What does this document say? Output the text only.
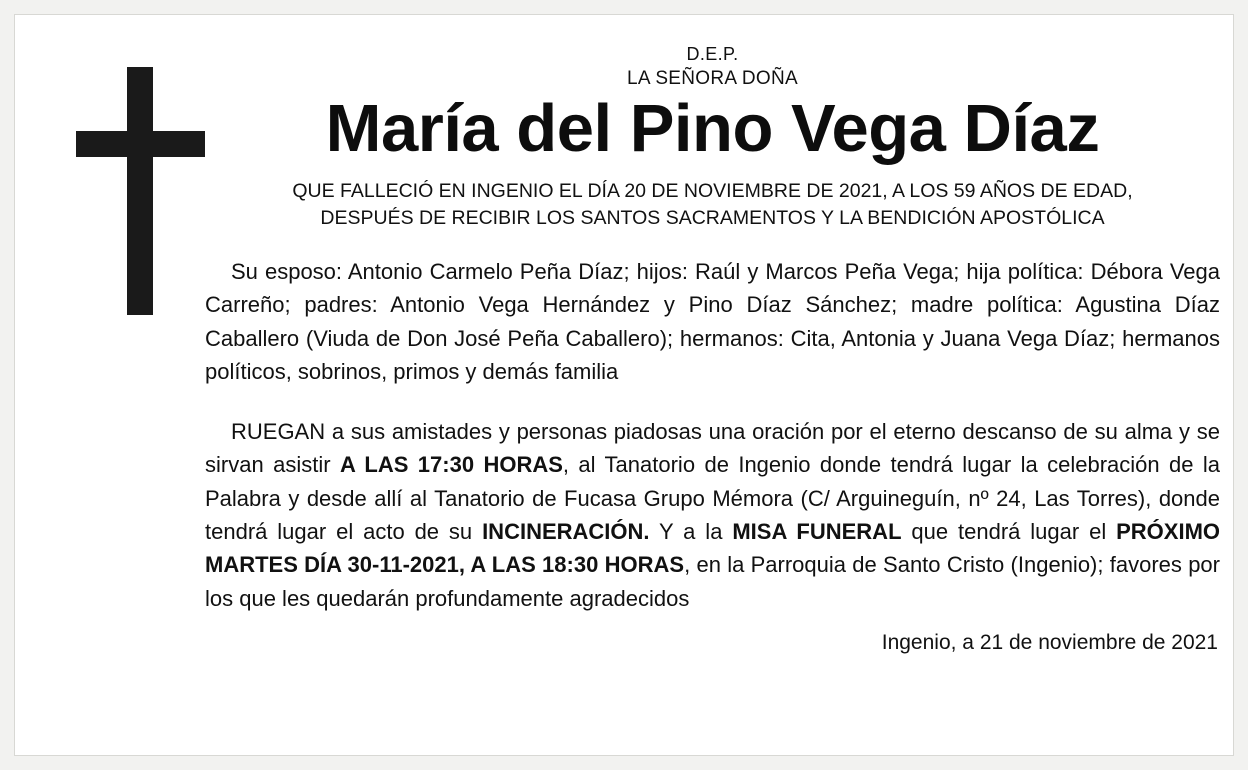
D.E.P.
LA SEÑORA DOÑA
María del Pino Vega Díaz
QUE FALLECIÓ EN INGENIO EL DÍA 20 DE NOVIEMBRE DE 2021, A LOS 59 AÑOS DE EDAD,
DESPUÉS DE RECIBIR LOS SANTOS SACRAMENTOS Y LA BENDICIÓN APOSTÓLICA
Su esposo: Antonio Carmelo Peña Díaz; hijos: Raúl y Marcos Peña Vega; hija política: Débora Vega Carreño; padres: Antonio Vega Hernández y Pino Díaz Sánchez; madre política: Agustina Díaz Caballero (Viuda de Don José Peña Caballero); hermanos: Cita, Antonia y Juana Vega Díaz; hermanos políticos, sobrinos, primos y demás familia
RUEGAN a sus amistades y personas piadosas una oración por el eterno descanso de su alma y se sirvan asistir A LAS 17:30 HORAS, al Tanatorio de Ingenio donde tendrá lugar la celebración de la Palabra y desde allí al Tanatorio de Fucasa Grupo Mémora (C/ Arguineguín, nº 24, Las Torres), donde tendrá lugar el acto de su INCINERACIÓN. Y a la MISA FUNERAL que tendrá lugar el PRÓXIMO MARTES DÍA 30-11-2021, A LAS 18:30 HORAS, en la Parroquia de Santo Cristo (Ingenio); favores por los que les quedarán profundamente agradecidos
Ingenio, a 21 de noviembre de 2021
